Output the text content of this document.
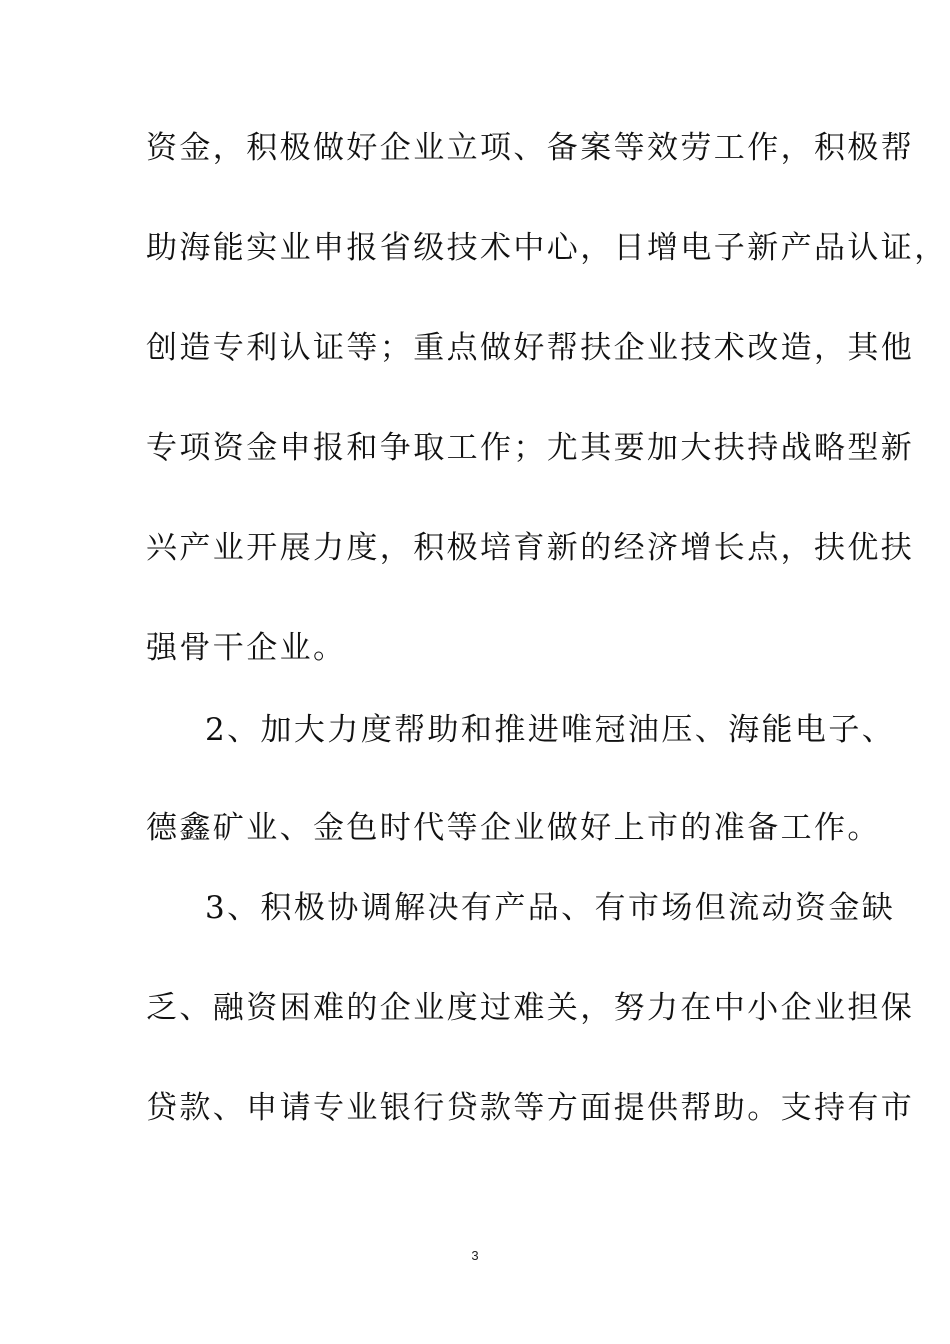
资金，积极做好企业立项、备案等效劳工作，积极帮
助海能实业申报省级技术中心，日增电子新产品认证，
创造专利认证等；重点做好帮扶企业技术改造，其他
专项资金申报和争取工作；尤其要加大扶持战略型新
兴产业开展力度，积极培育新的经济增长点，扶优扶
强骨干企业。
2、加大力度帮助和推进唯冠油压、海能电子、
德鑫矿业、金色时代等企业做好上市的准备工作。
3、积极协调解决有产品、有市场但流动资金缺
乏、融资困难的企业度过难关，努力在中小企业担保
贷款、申请专业银行贷款等方面提供帮助。支持有市
3
